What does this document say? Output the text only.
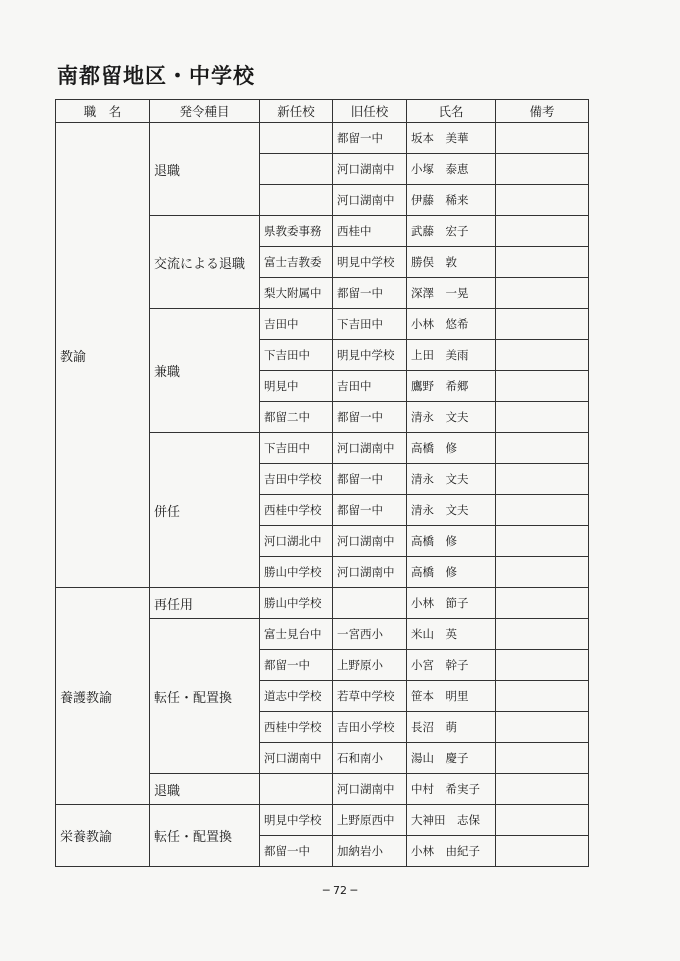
南都留地区・中学校
職　名	発令種目	新任校	旧任校	氏名	備考
教諭	退職		都留一中	坂本　美華	
			河口湖南中	小塚　泰恵	
			河口湖南中	伊藤　稀来	
	交流による退職	県教委事務	西桂中	武藤　宏子	
		富士吉教委	明見中学校	勝俣　敦	
		梨大附属中	都留一中	深澤　一晃	
	兼職	吉田中	下吉田中	小林　悠希	
		下吉田中	明見中学校	上田　美雨	
		明見中	吉田中	鷹野　希郷	
		都留二中	都留一中	清永　文夫	
	併任	下吉田中	河口湖南中	高橋　修	
		吉田中学校	都留一中	清永　文夫	
		西桂中学校	都留一中	清永　文夫	
		河口湖北中	河口湖南中	高橋　修	
		勝山中学校	河口湖南中	高橋　修	
養護教諭	再任用	勝山中学校		小林　節子	
	転任・配置換	富士見台中	一宮西小	米山　英	
		都留一中	上野原小	小宮　幹子	
		道志中学校	若草中学校	笹本　明里	
		西桂中学校	吉田小学校	長沼　萌	
		河口湖南中	石和南小	湯山　慶子	
	退職		河口湖南中	中村　希実子	
栄養教諭	転任・配置換	明見中学校	上野原西中	大神田　志保	
		都留一中	加納岩小	小林　由紀子	
─ 72 ─
